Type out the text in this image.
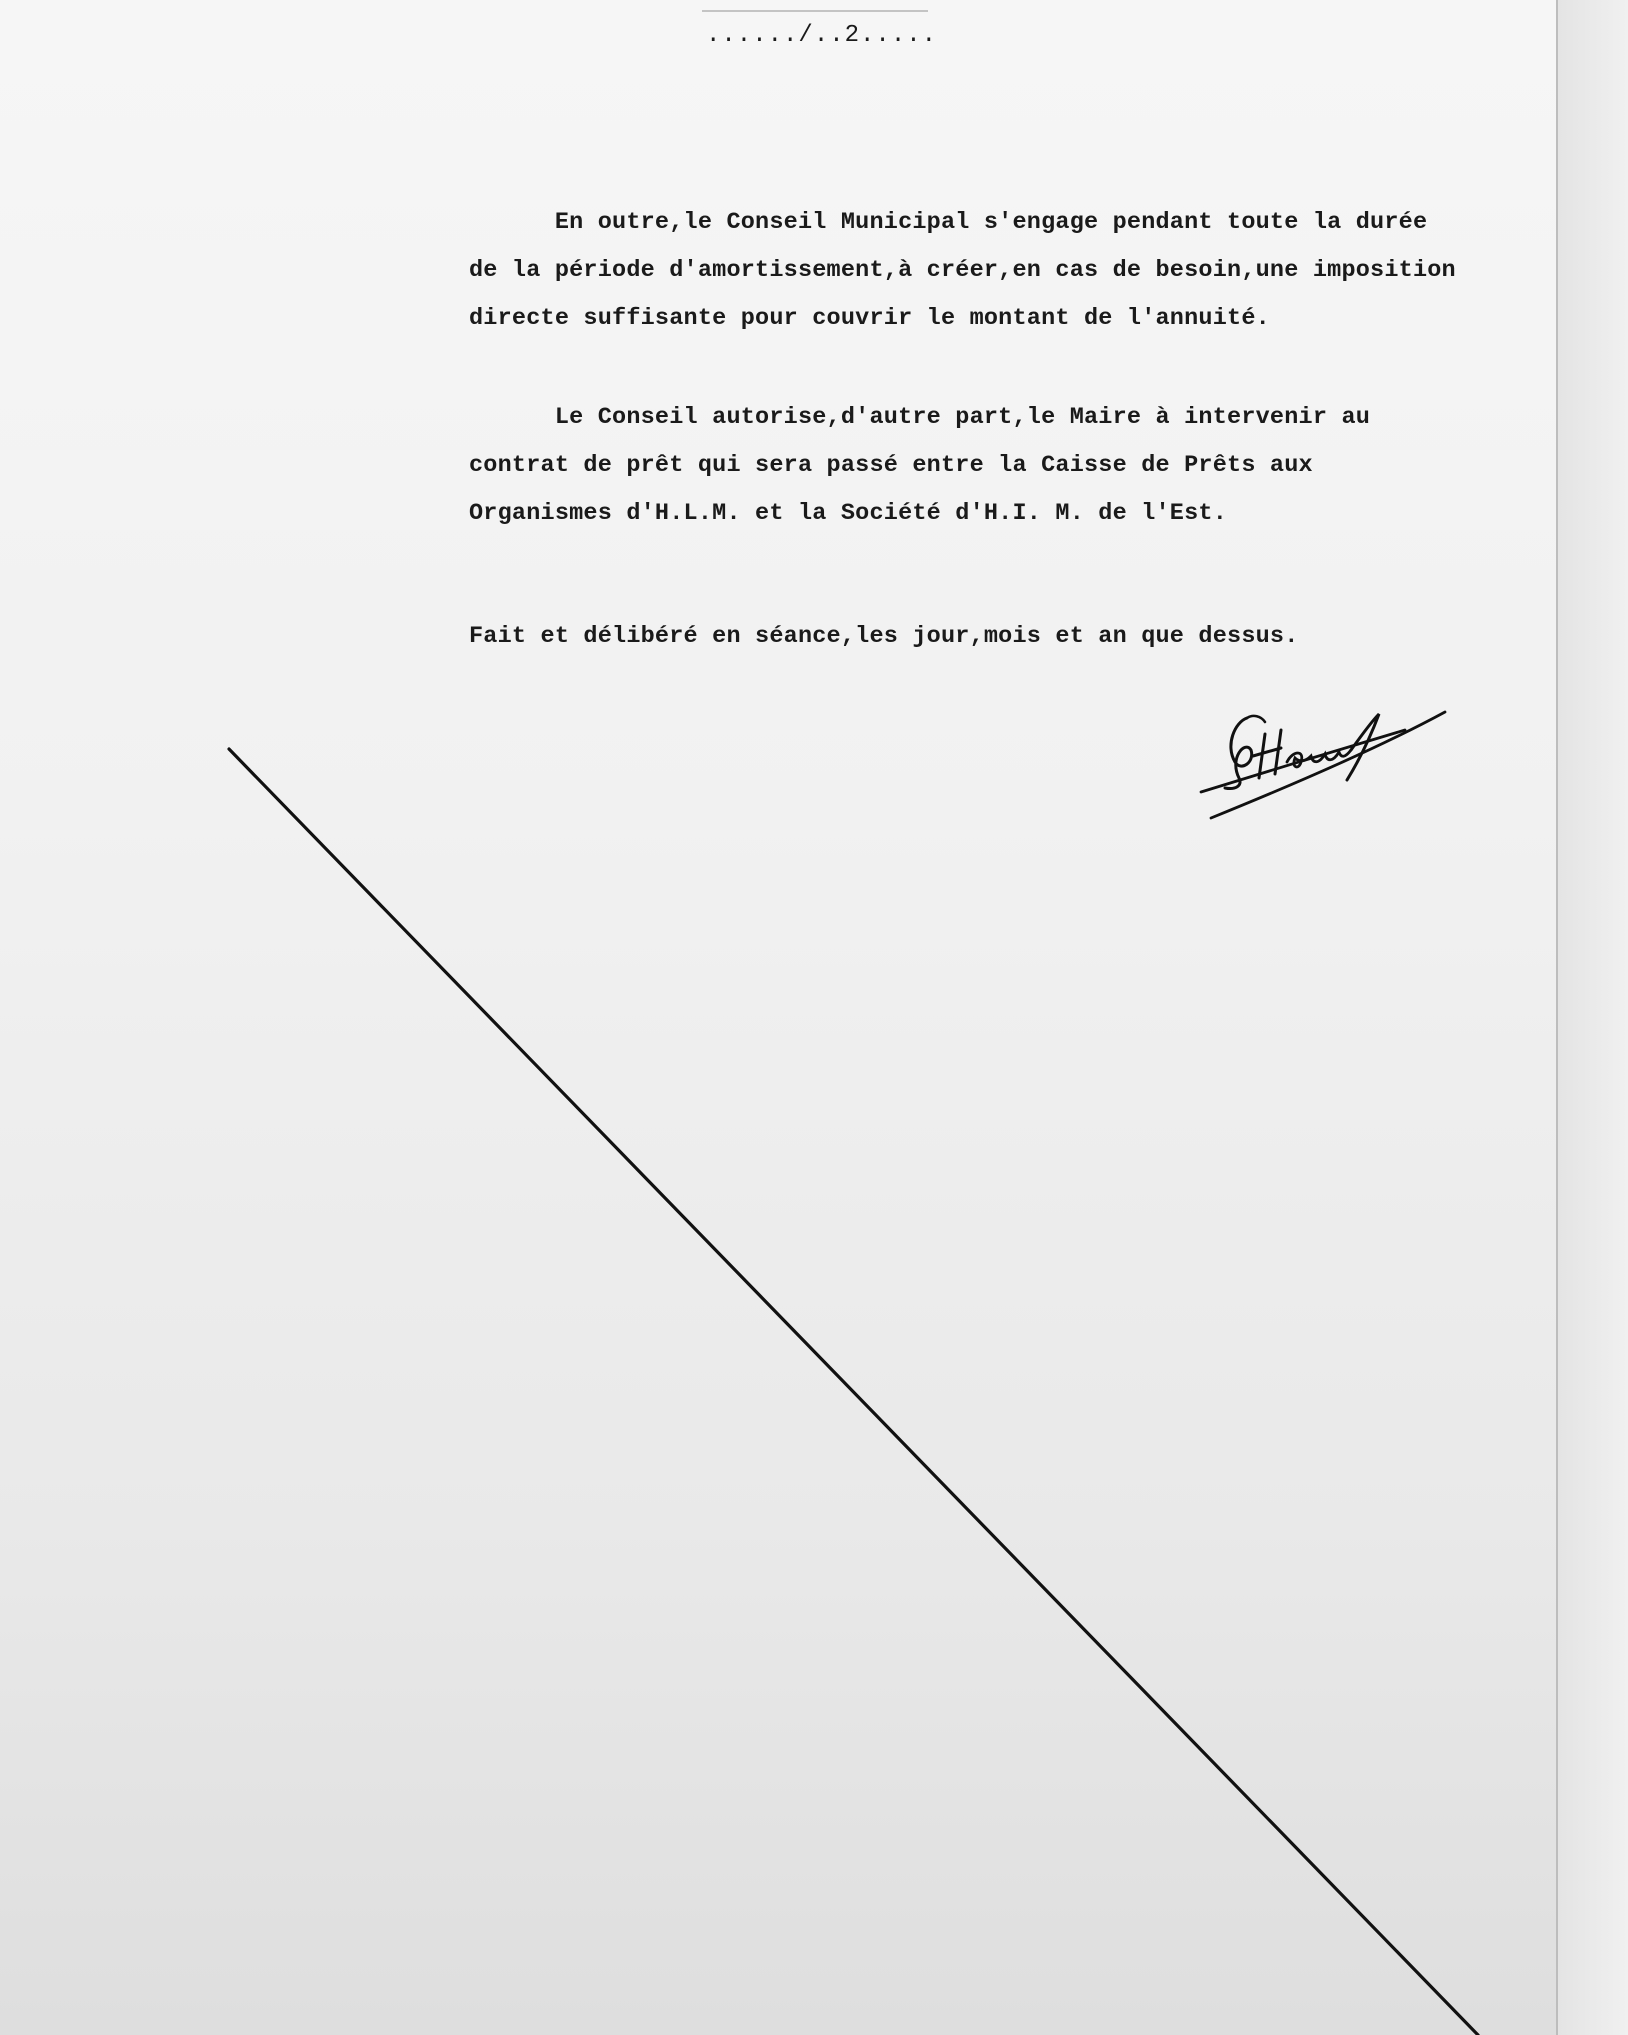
....../..2.....
En outre,le Conseil Municipal s'engage pendant toute la durée
de la période d'amortissement,à créer,en cas de besoin,une imposition
directe suffisante pour couvrir le montant de l'annuité.
Le Conseil autorise,d'autre part,le Maire à intervenir au
contrat de prêt qui sera passé entre la Caisse de Prêts aux
Organismes d'H.L.M. et la Société d'H.I. M. de l'Est.
Fait et délibéré en séance,les jour,mois et an que dessus.
